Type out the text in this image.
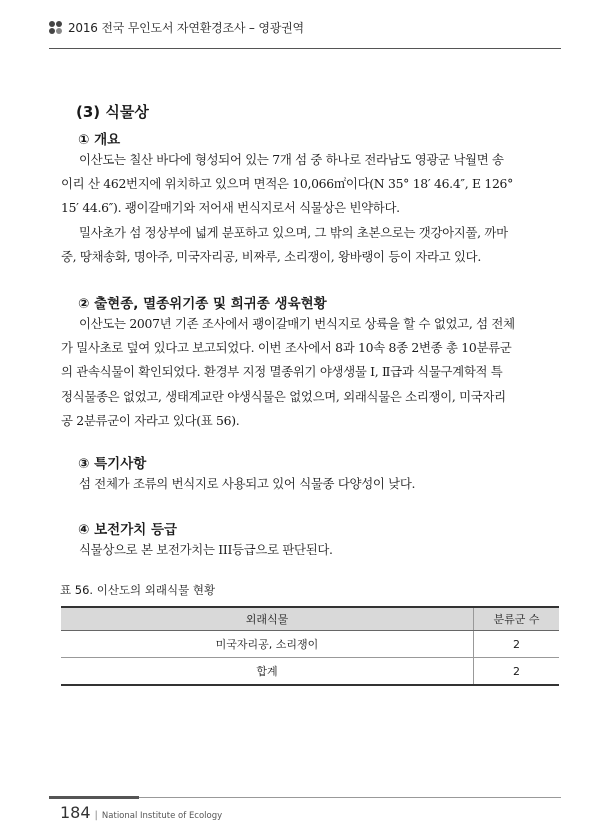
2016 전국 무인도서 자연환경조사 – 영광권역
(3) 식물상
① 개요
이산도는 칠산 바다에 형성되어 있는 7개 섬 중 하나로 전라남도 영광군 낙월면 송
이리 산 462번지에 위치하고 있으며 면적은 10,066㎡이다(N 35° 18′ 46.4″, E 126°
15′ 44.6″). 괭이갈매기와 저어새 번식지로서 식물상은 빈약하다.
밀사초가 섬 정상부에 넓게 분포하고 있으며, 그 밖의 초본으로는 갯강아지풀, 까마
중, 땅채송화, 명아주, 미국자리공, 비짜루, 소리쟁이, 왕바랭이 등이 자라고 있다.
② 출현종, 멸종위기종 및 희귀종 생육현황
이산도는 2007년 기존 조사에서 괭이갈매기 번식지로 상륙을 할 수 없었고, 섬 전체
가 밀사초로 덮여 있다고 보고되었다. 이번 조사에서 8과 10속 8종 2변종 총 10분류군
의 관속식물이 확인되었다. 환경부 지정 멸종위기 야생생물 Ⅰ, Ⅱ급과 식물구계학적 특
정식물종은 없었고, 생태계교란 야생식물은 없었으며, 외래식물은 소리쟁이, 미국자리
공 2분류군이 자라고 있다(표 56).
③ 특기사항
섬 전체가 조류의 번식지로 사용되고 있어 식물종 다양성이 낮다.
④ 보전가치 등급
식물상으로 본 보전가치는 III등급으로 판단된다.
표 56. 이산도의 외래식물 현황
외래식물	분류군 수
미국자리공, 소리쟁이	2
합계	2
184 | National Institute of Ecology
